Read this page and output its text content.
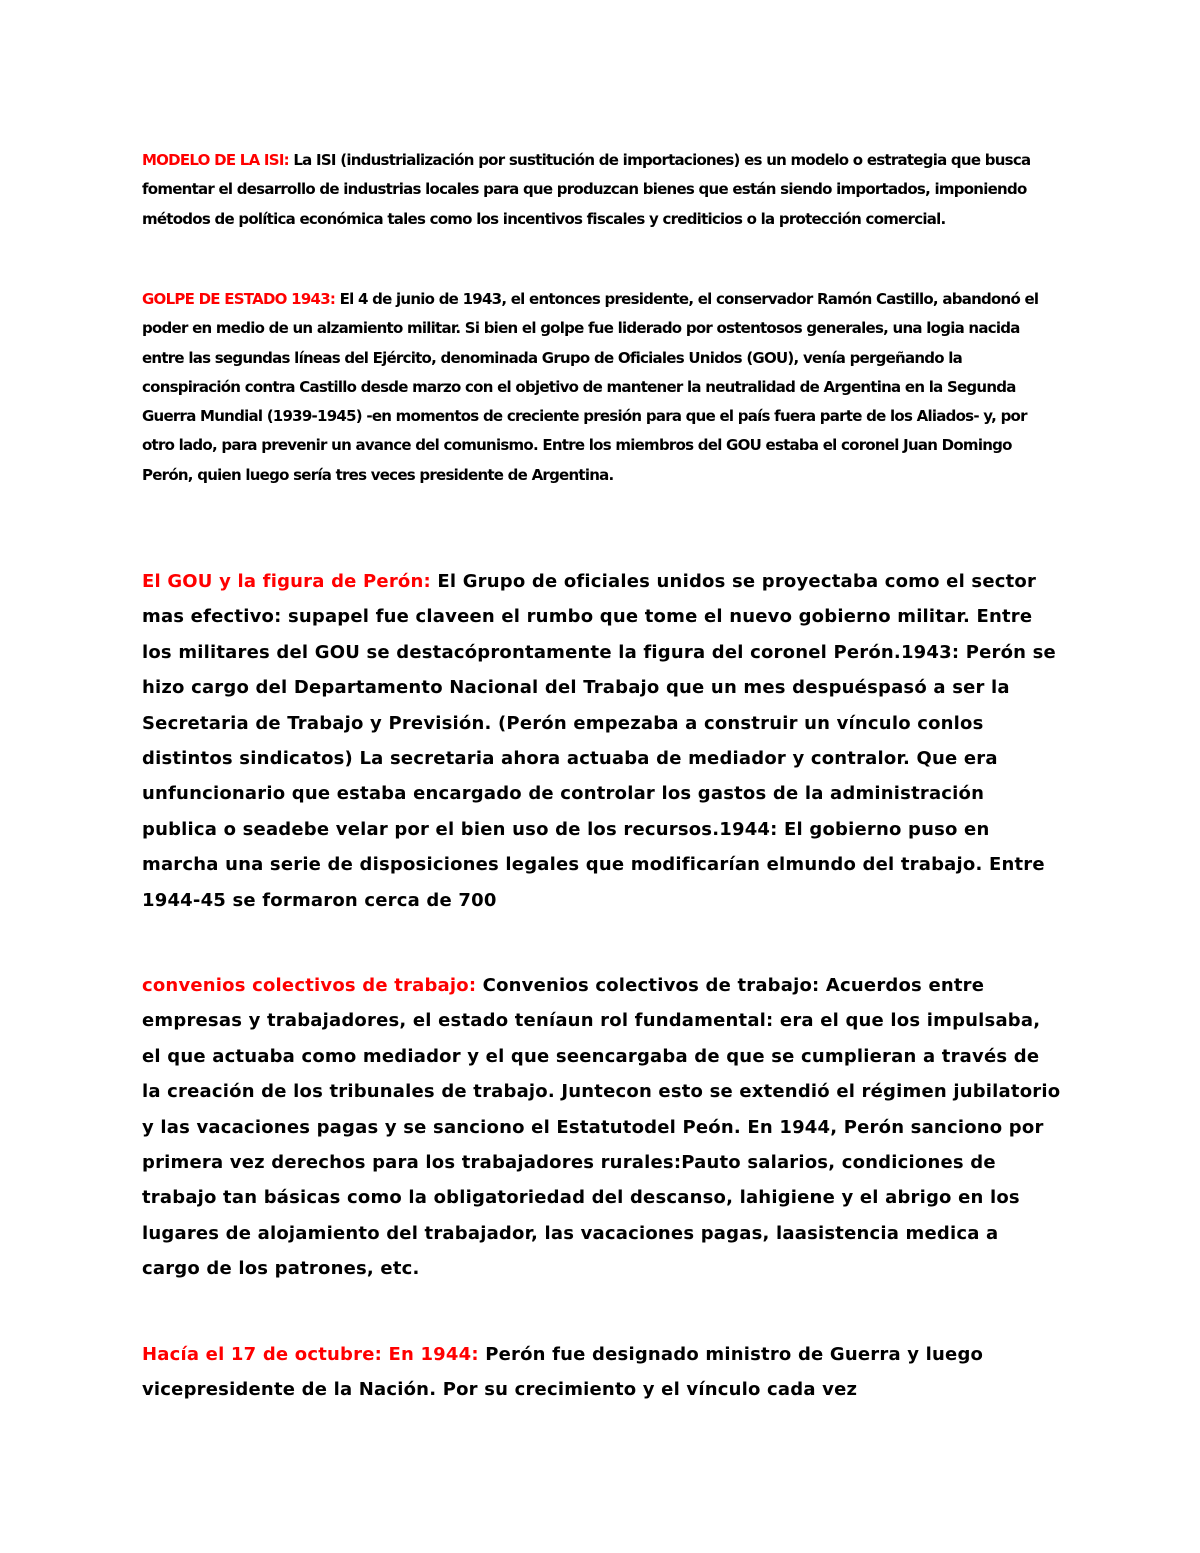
MODELO DE LA ISI: La ISI (industrialización por sustitución de importaciones) es un modelo o estrategia que busca fomentar el desarrollo de industrias locales para que produzcan bienes que están siendo importados, imponiendo métodos de política económica tales como los incentivos fiscales y crediticios o la protección comercial.

GOLPE DE ESTADO 1943: El 4 de junio de 1943, el entonces presidente, el conservador Ramón Castillo, abandonó el poder en medio de un alzamiento militar. Si bien el golpe fue liderado por ostentosos generales, una logia nacida entre las segundas líneas del Ejército, denominada Grupo de Oficiales Unidos (GOU), venía pergeñando la conspiración contra Castillo desde marzo con el objetivo de mantener la neutralidad de Argentina en la Segunda Guerra Mundial (1939-1945) -en momentos de creciente presión para que el país fuera parte de los Aliados- y, por otro lado, para prevenir un avance del comunismo. Entre los miembros del GOU estaba el coronel Juan Domingo Perón, quien luego sería tres veces presidente de Argentina.

El GOU y la figura de Perón: El Grupo de oficiales unidos se proyectaba como el sector mas efectivo: supapel fue claveen el rumbo que tome el nuevo gobierno militar. Entre los militares del GOU se destacóprontamente la figura del coronel Perón.1943: Perón se hizo cargo del Departamento Nacional del Trabajo que un mes despuéspasó a ser la Secretaria de Trabajo y Previsión. (Perón empezaba a construir un vínculo conlos distintos sindicatos) La secretaria ahora actuaba de mediador y contralor. Que era unfuncionario que estaba encargado de controlar los gastos de la administración publica o seadebe velar por el bien uso de los recursos.1944: El gobierno puso en marcha una serie de disposiciones legales que modificarían elmundo del trabajo. Entre 1944-45 se formaron cerca de 700

convenios colectivos de trabajo: Convenios colectivos de trabajo: Acuerdos entre empresas y trabajadores, el estado teníaun rol fundamental: era el que los impulsaba, el que actuaba como mediador y el que seencargaba de que se cumplieran a través de la creación de los tribunales de trabajo. Juntecon esto se extendió el régimen jubilatorio y las vacaciones pagas y se sanciono el Estatutodel Peón. En 1944, Perón sanciono por primera vez derechos para los trabajadores rurales:Pauto salarios, condiciones de trabajo tan básicas como la obligatoriedad del descanso, lahigiene y el abrigo en los lugares de alojamiento del trabajador, las vacaciones pagas, laasistencia medica a cargo de los patrones, etc.

Hacía el 17 de octubre: En 1944: Perón fue designado ministro de Guerra y luego vicepresidente de la Nación. Por su crecimiento y el vínculo cada vez
